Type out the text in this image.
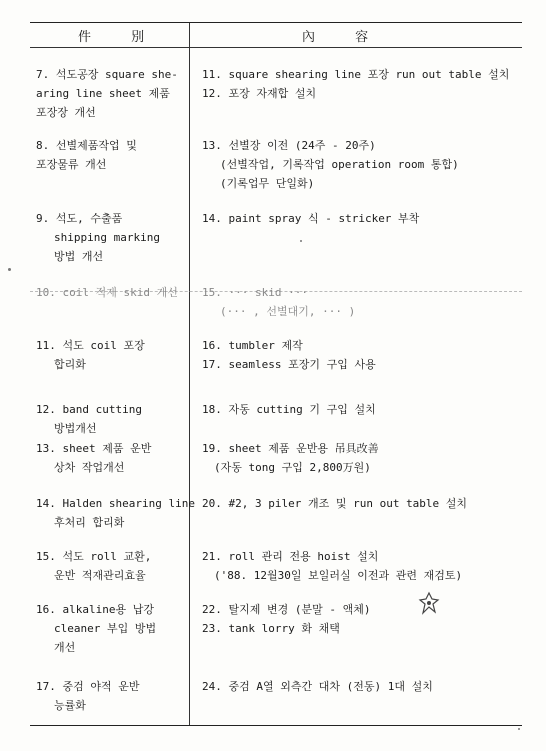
件 別	內 容
7. 석도공장 square she-
aring line sheet 제품
포장장 개선
11. square shearing line 포장 run out table 설치
12. 포장 자재합 설치
8. 선별제품작업 및
포장물류 개선
13. 선별장 이전 (24주 - 20주)
(선별작업, 기록작업 operation room 통합)
(기록업무 단일화)
9. 석도, 수출품
shipping marking
방법 개선
14. paint spray 식 - stricker 부착
10. coil 적재 skid 개선	15. ··· skid ···
(··· , 선별대기, ··· )
11. 석도 coil 포장
합리화
16. tumbler 제작
17. seamless 포장기 구입 사용
12. band cutting
방법개선
18. 자동 cutting 기 구입 설치
13. sheet 제품 운반
상차 작업개선
19. sheet 제품 운반용 吊具改善
(자동 tong 구입 2,800万원)
14. Halden shearing line
후처리 합리화
20. #2, 3 piler 개조 및 run out table 설치
15. 석도 roll 교환,
운반 적재관리효율
21. roll 관리 전용 hoist 설치
('88. 12월30일 보일러실 이전과 관련 재검토)
16. alkaline용 납강
cleaner 부입 방법
개선
22. 탈지제 변경 (분말 - 액체)
23. tank lorry 화 채택
17. 중검 야적 운반
능률화
24. 중검 A열 외측간 대차 (전동) 1대 설치
